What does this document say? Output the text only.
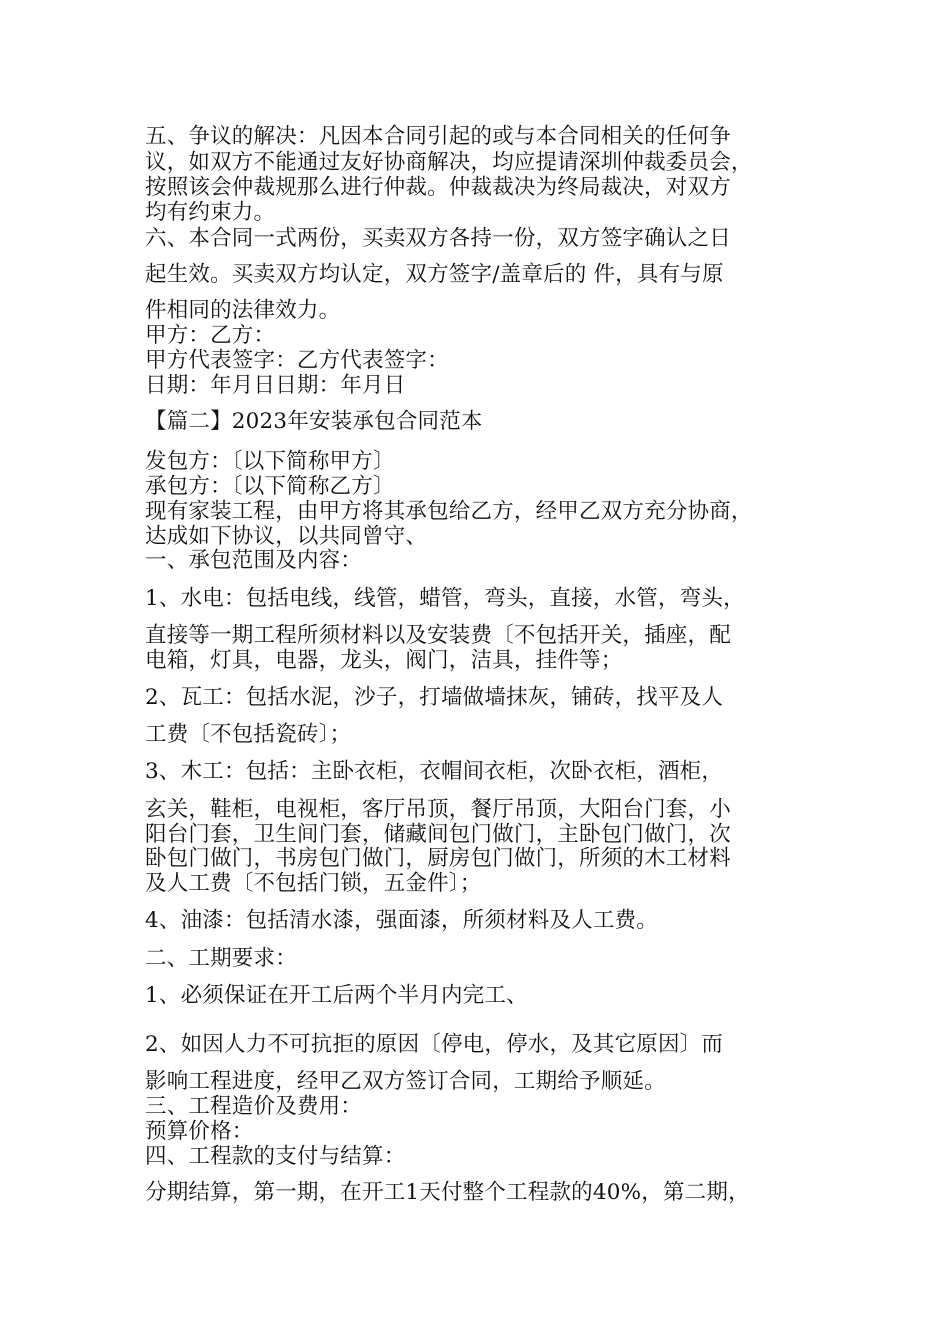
五、争议的解决：凡因本合同引起的或与本合同相关的任何争
议，如双方不能通过友好协商解决，均应提请深圳仲裁委员会，
按照该会仲裁规那么进行仲裁。仲裁裁决为终局裁决，对双方
均有约束力。
六、本合同一式两份，买卖双方各持一份，双方签字确认之日
起生效。买卖双方均认定，双方签字/盖章后的 件，具有与原
件相同的法律效力。
甲方：乙方：
甲方代表签字：乙方代表签字：
日期：年月日日期：年月日
【篇二】2023年安装承包合同范本
发包方：〔以下简称甲方〕
承包方：〔以下简称乙方〕
现有家装工程，由甲方将其承包给乙方，经甲乙双方充分协商，
达成如下协议，以共同曾守、
一、承包范围及内容：
1、水电：包括电线，线管，蜡管，弯头，直接，水管，弯头，
直接等一期工程所须材料以及安装费〔不包括开关，插座，配
电箱，灯具，电器，龙头，阀门，洁具，挂件等；
2、瓦工：包括水泥，沙子，打墙做墙抹灰，铺砖，找平及人
工费〔不包括瓷砖〕；
3、木工：包括：主卧衣柜，衣帽间衣柜，次卧衣柜，酒柜，
玄关，鞋柜，电视柜，客厅吊顶，餐厅吊顶，大阳台门套，小
阳台门套，卫生间门套，储藏间包门做门，主卧包门做门，次
卧包门做门，书房包门做门，厨房包门做门，所须的木工材料
及人工费〔不包括门锁，五金件〕；
4、油漆：包括清水漆，强面漆，所须材料及人工费。
二、工期要求：
1、必须保证在开工后两个半月内完工、
2、如因人力不可抗拒的原因〔停电，停水，及其它原因〕而
影响工程进度，经甲乙双方签订合同，工期给予顺延。
三、工程造价及费用：
预算价格：
四、工程款的支付与结算：
分期结算，第一期，在开工1天付整个工程款的40%，第二期，
